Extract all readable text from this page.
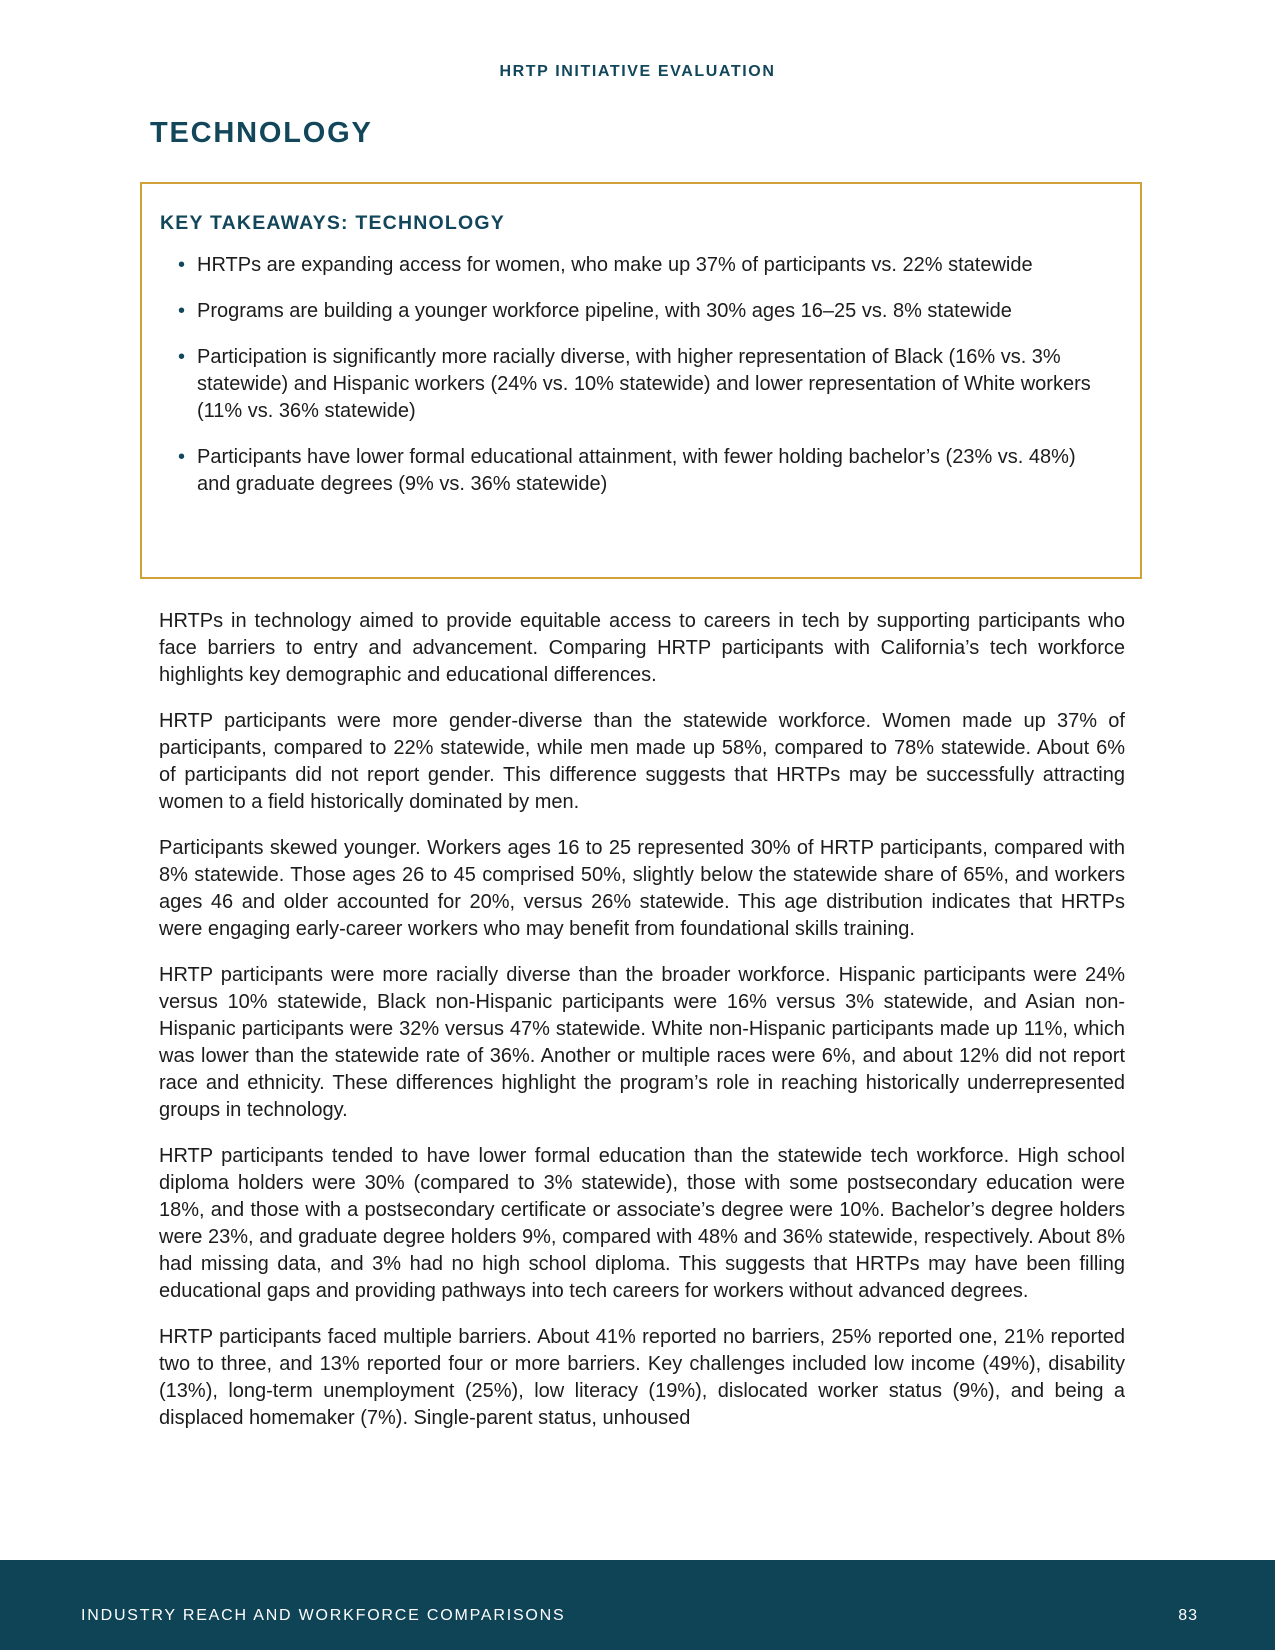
HRTP INITIATIVE EVALUATION
TECHNOLOGY
KEY TAKEAWAYS: TECHNOLOGY
• HRTPs are expanding access for women, who make up 37% of participants vs. 22% statewide
• Programs are building a younger workforce pipeline, with 30% ages 16–25 vs. 8% statewide
• Participation is significantly more racially diverse, with higher representation of Black (16% vs. 3% statewide) and Hispanic workers (24% vs. 10% statewide) and lower representation of White workers (11% vs. 36% statewide)
• Participants have lower formal educational attainment, with fewer holding bachelor’s (23% vs. 48%) and graduate degrees (9% vs. 36% statewide)

HRTPs in technology aimed to provide equitable access to careers in tech by supporting participants who face barriers to entry and advancement. Comparing HRTP participants with California’s tech workforce highlights key demographic and educational differences.

HRTP participants were more gender-diverse than the statewide workforce. Women made up 37% of participants, compared to 22% statewide, while men made up 58%, compared to 78% statewide. About 6% of participants did not report gender. This difference suggests that HRTPs may be successfully attracting women to a field historically dominated by men.

Participants skewed younger. Workers ages 16 to 25 represented 30% of HRTP participants, compared with 8% statewide. Those ages 26 to 45 comprised 50%, slightly below the statewide share of 65%, and workers ages 46 and older accounted for 20%, versus 26% statewide. This age distribution indicates that HRTPs were engaging early-career workers who may benefit from foundational skills training.

HRTP participants were more racially diverse than the broader workforce. Hispanic participants were 24% versus 10% statewide, Black non-Hispanic participants were 16% versus 3% statewide, and Asian non-Hispanic participants were 32% versus 47% statewide. White non-Hispanic participants made up 11%, which was lower than the statewide rate of 36%. Another or multiple races were 6%, and about 12% did not report race and ethnicity. These differences highlight the program’s role in reaching historically underrepresented groups in technology.

HRTP participants tended to have lower formal education than the statewide tech workforce. High school diploma holders were 30% (compared to 3% statewide), those with some postsecondary education were 18%, and those with a postsecondary certificate or associate’s degree were 10%. Bachelor’s degree holders were 23%, and graduate degree holders 9%, compared with 48% and 36% statewide, respectively. About 8% had missing data, and 3% had no high school diploma. This suggests that HRTPs may have been filling educational gaps and providing pathways into tech careers for workers without advanced degrees.

HRTP participants faced multiple barriers. About 41% reported no barriers, 25% reported one, 21% reported two to three, and 13% reported four or more barriers. Key challenges included low income (49%), disability (13%), long-term unemployment (25%), low literacy (19%), dislocated worker status (9%), and being a displaced homemaker (7%). Single-parent status, unhoused

INDUSTRY REACH AND WORKFORCE COMPARISONS	83
